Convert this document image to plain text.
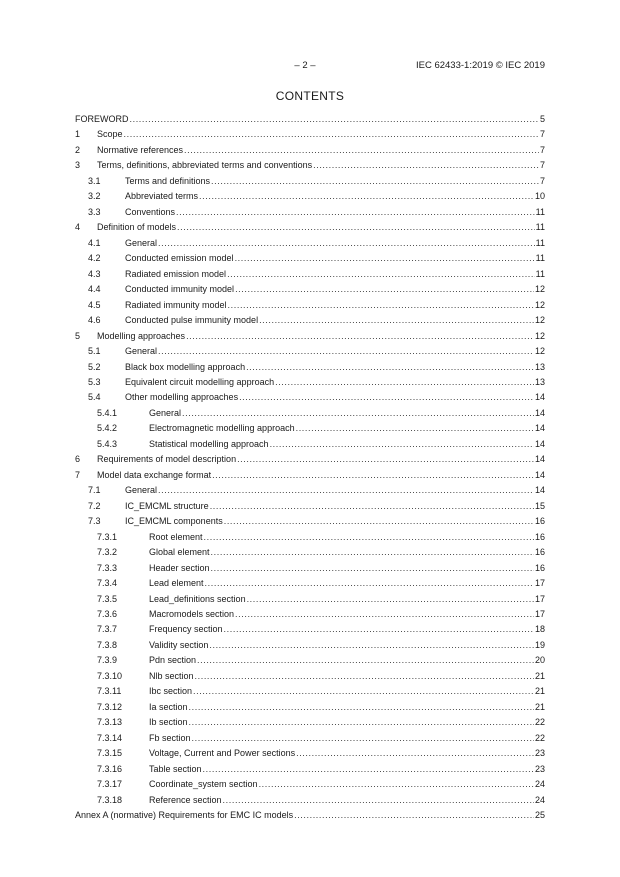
– 2 –	IEC 62433-1:2019 © IEC 2019
CONTENTS
FOREWORD .....	5
1 Scope .....	7
2 Normative references .....	7
3 Terms, definitions, abbreviated terms and conventions .....	7
3.1	Terms and definitions .....	7
3.2	Abbreviated terms .....	10
3.3	Conventions .....	11
4 Definition of models .....	11
4.1	General .....	11
4.2	Conducted emission model .....	11
4.3	Radiated emission model .....	11
4.4	Conducted immunity model .....	12
4.5	Radiated immunity model .....	12
4.6	Conducted pulse immunity model .....	12
5 Modelling approaches .....	12
5.1	General .....	12
5.2	Black box modelling approach .....	13
5.3	Equivalent circuit modelling approach .....	13
5.4	Other modelling approaches .....	14
5.4.1	General .....	14
5.4.2	Electromagnetic modelling approach .....	14
5.4.3	Statistical modelling approach .....	14
6 Requirements of model description .....	14
7 Model data exchange format .....	14
7.1	General .....	14
7.2	IC_EMCML structure .....	15
7.3	IC_EMCML components .....	16
7.3.1	Root element .....	16
7.3.2	Global element .....	16
7.3.3	Header section .....	16
7.3.4	Lead element .....	17
7.3.5	Lead_definitions section .....	17
7.3.6	Macromodels section .....	17
7.3.7	Frequency section .....	18
7.3.8	Validity section .....	19
7.3.9	Pdn section .....	20
7.3.10	Nlb section .....	21
7.3.11	Ibc section .....	21
7.3.12	Ia section .....	21
7.3.13	Ib section .....	22
7.3.14	Fb section .....	22
7.3.15	Voltage, Current and Power sections .....	23
7.3.16	Table section .....	23
7.3.17	Coordinate_system section .....	24
7.3.18	Reference section .....	24
Annex A (normative) Requirements for EMC IC models .....	25
